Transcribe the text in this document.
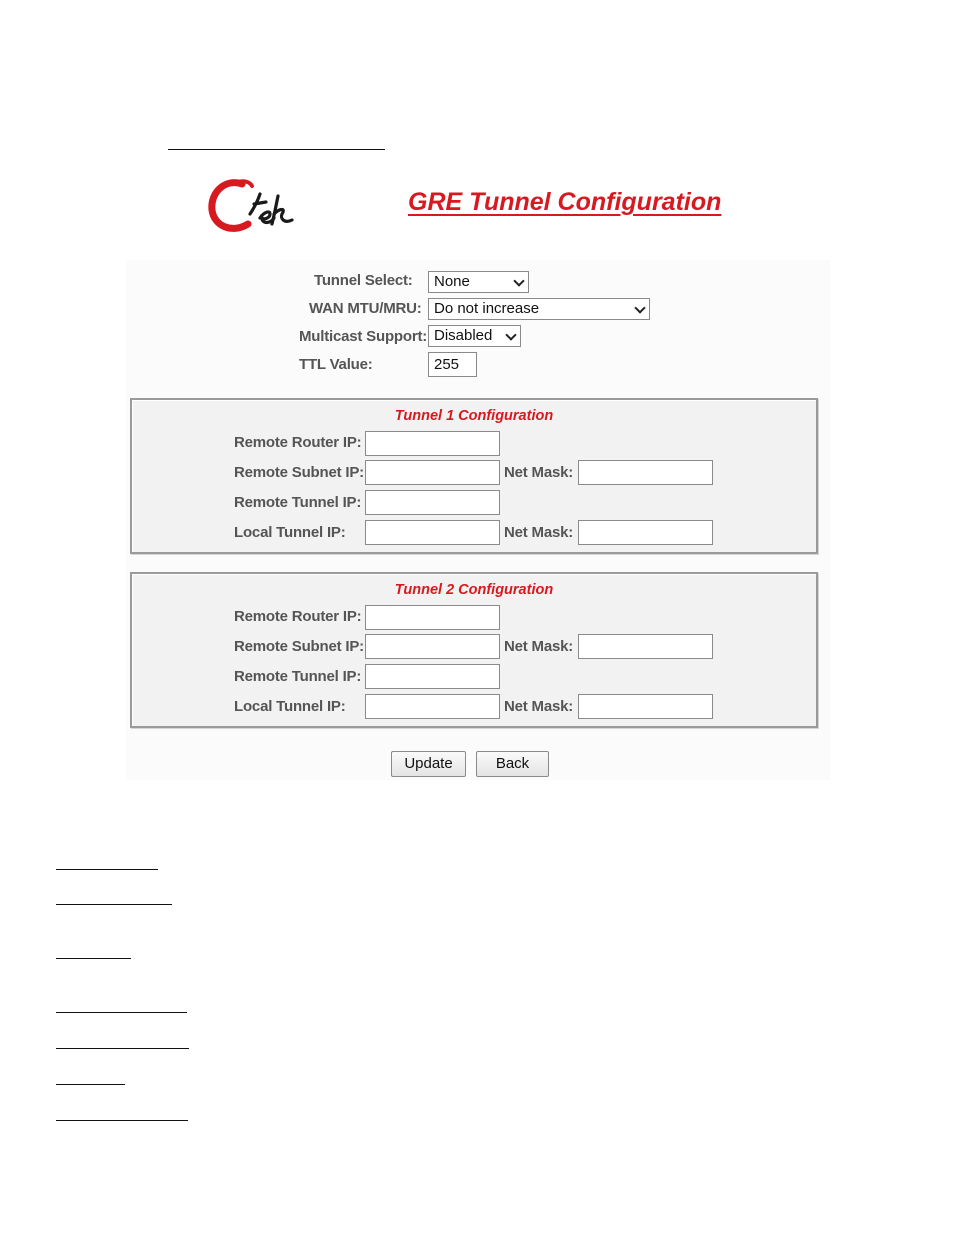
GRE Tunnel Configuration
Tunnel Select:	None
WAN MTU/MRU: Do not increase
Multicast Support: Disabled
TTL Value:	255
Tunnel 1 Configuration
Remote Router IP:
Remote Subnet IP:	Net Mask:
Remote Tunnel IP:
Local Tunnel IP:	Net Mask:
Tunnel 2 Configuration
Remote Router IP:
Remote Subnet IP:	Net Mask:
Remote Tunnel IP:
Local Tunnel IP:	Net Mask:
Update	Back
